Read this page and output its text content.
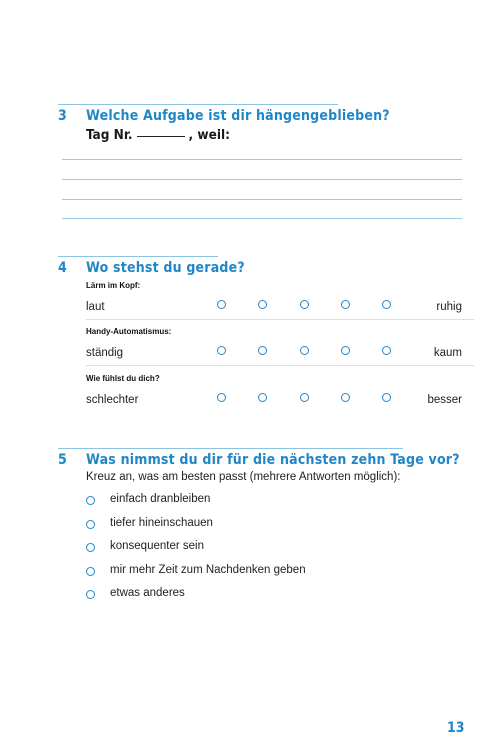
3 Welche Aufgabe ist dir hängengeblieben?
Tag Nr.	, weil:
4 Wo stehst du gerade?
Lärm im Kopf:
laut	ruhig
Handy-Automatismus:
ständig	kaum
Wie fühlst du dich?
schlechter	besser
5 Was nimmst du dir für die nächsten zehn Tage vor?
Kreuz an, was am besten passt (mehrere Antworten möglich):
einfach dranbleiben
tiefer hineinschauen
konsequenter sein
mir mehr Zeit zum Nachdenken geben
etwas anderes
13
